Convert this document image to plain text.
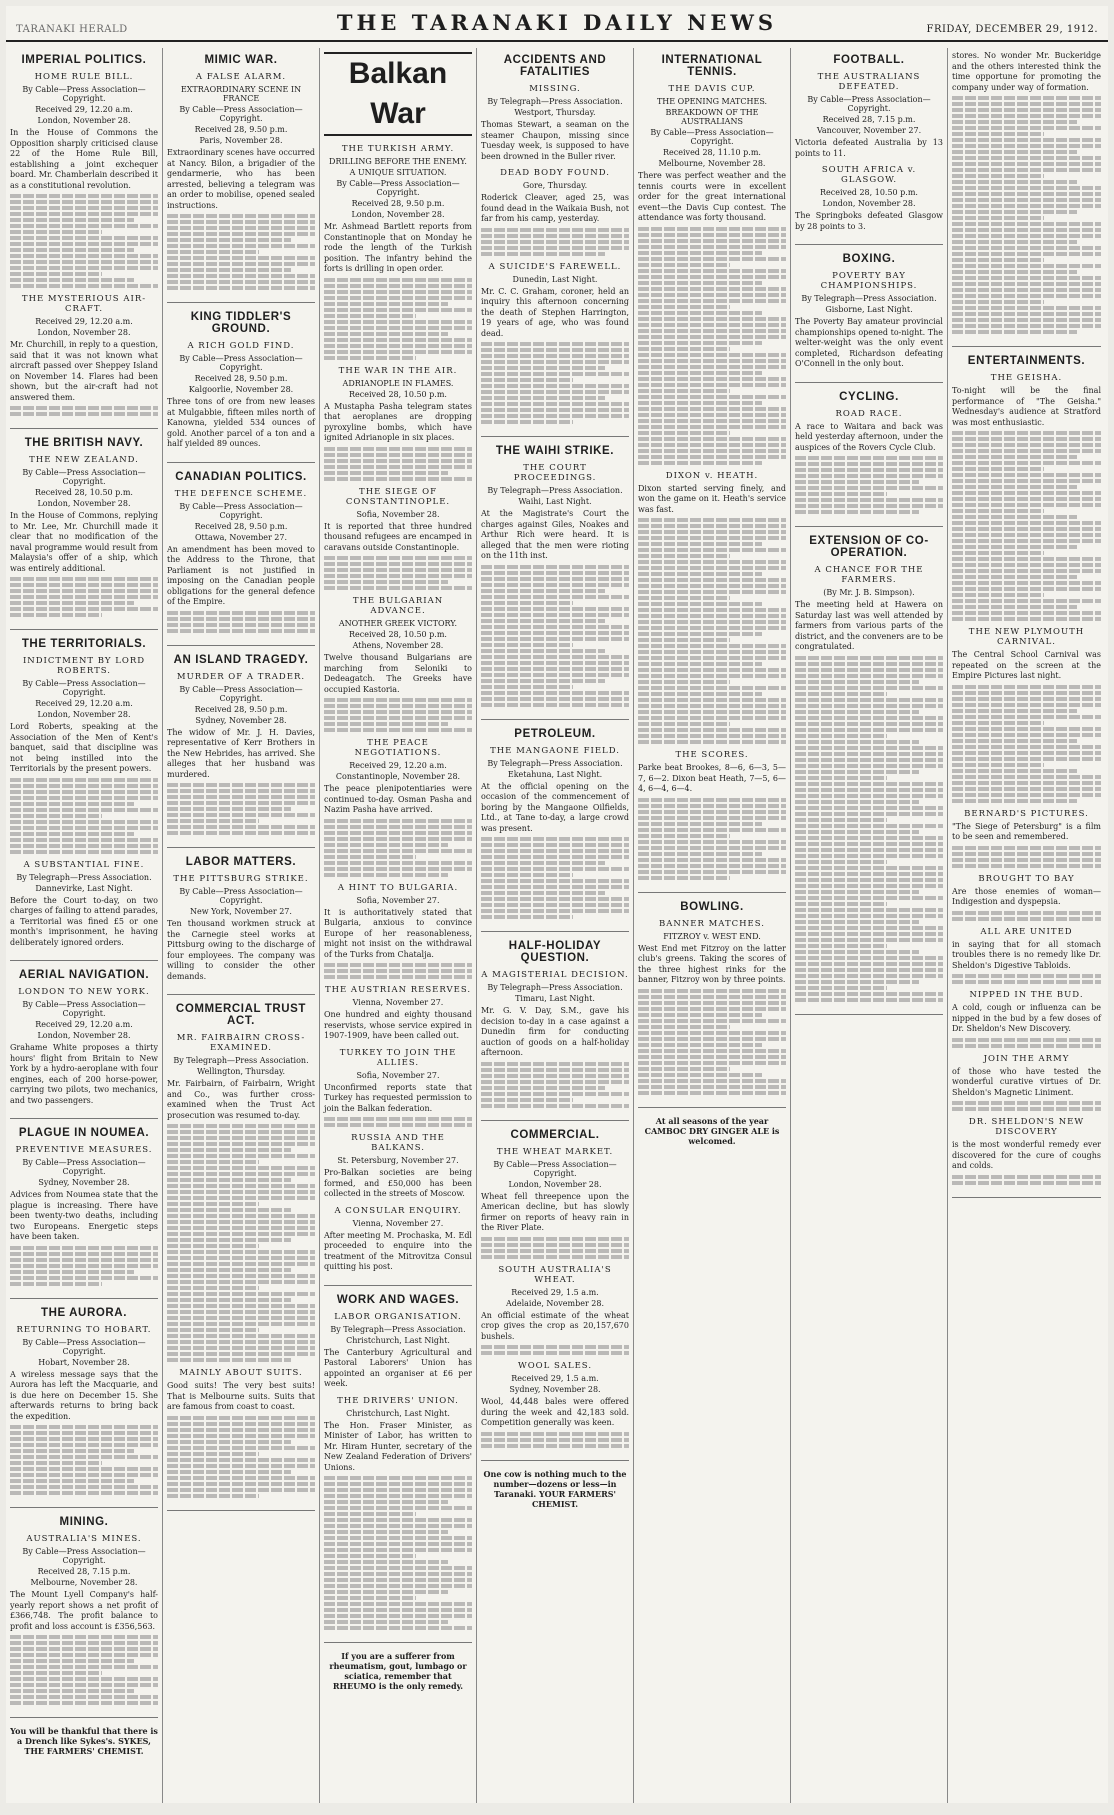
TARANAKI HERALD	THE TARANAKI DAILY NEWS	FRIDAY, DECEMBER 29, 1912.
IMPERIAL POLITICS.
HOME RULE BILL.
By Cable—Press Association—Copyright.
Received 29, 12.20 a.m.
London, November 28.
In the House of Commons the Opposition sharply criticised clause 22 of the Home Rule Bill, establishing a joint exchequer board. Mr. Chamberlain described it as a constitutional revolution.
THE MYSTERIOUS AIR-CRAFT.
Received 29, 12.20 a.m.
London, November 28.
Mr. Churchill, in reply to a question, said that it was not known what aircraft passed over Sheppey Island on November 14. Flares had been shown, but the air-craft had not answered them.
THE BRITISH NAVY.
THE NEW ZEALAND.
By Cable—Press Association—Copyright.
Received 28, 10.50 p.m.
London, November 28.
In the House of Commons, replying to Mr. Lee, Mr. Churchill made it clear that no modification of the naval programme would result from Malaysia's offer of a ship, which was entirely additional.
THE TERRITORIALS.
INDICTMENT BY LORD ROBERTS.
By Cable—Press Association—Copyright.
Received 29, 12.20 a.m.
London, November 28.
Lord Roberts, speaking at the Association of the Men of Kent's banquet, said that discipline was not being instilled into the Territorials by the present powers.
A SUBSTANTIAL FINE.
By Telegraph—Press Association.
Dannevirke, Last Night.
Before the Court to-day, on two charges of failing to attend parades, a Territorial was fined £5 or one month's imprisonment, he having deliberately ignored orders.
AERIAL NAVIGATION.
LONDON TO NEW YORK.
By Cable—Press Association—Copyright.
Received 29, 12.20 a.m.
London, November 28.
Grahame White proposes a thirty hours' flight from Britain to New York by a hydro-aeroplane with four engines, each of 200 horse-power, carrying two pilots, two mechanics, and two passengers.
PLAGUE IN NOUMEA.
PREVENTIVE MEASURES.
By Cable—Press Association—Copyright.
Sydney, November 28.
Advices from Noumea state that the plague is increasing. There have been twenty-two deaths, including two Europeans. Energetic steps have been taken.
THE AURORA.
RETURNING TO HOBART.
By Cable—Press Association—Copyright.
Hobart, November 28.
A wireless message says that the Aurora has left the Macquarie, and is due here on December 15. She afterwards returns to bring back the expedition.
MINING.
AUSTRALIA'S MINES.
By Cable—Press Association—Copyright.
Received 28, 7.15 p.m.
Melbourne, November 28.
The Mount Lyell Company's half-yearly report shows a net profit of £366,748. The profit balance to profit and loss account is £356,563.
You will be thankful that there is a Drench like Sykes's. SYKES, THE FARMERS' CHEMIST.
MIMIC WAR.
A FALSE ALARM.
EXTRAORDINARY SCENE IN FRANCE
By Cable—Press Association—Copyright.
Received 28, 9.50 p.m.
Paris, November 28.
Extraordinary scenes have occurred at Nancy. Bilon, a brigadier of the gendarmerie, who has been arrested, believing a telegram was an order to mobilise, opened sealed instructions.
KING TIDDLER'S GROUND.
A RICH GOLD FIND.
By Cable—Press Association—Copyright.
Received 28, 9.50 p.m.
Kalgoorlie, November 28.
Three tons of ore from new leases at Mulgabbie, fifteen miles north of Kanowna, yielded 534 ounces of gold. Another parcel of a ton and a half yielded 89 ounces.
CANADIAN POLITICS.
THE DEFENCE SCHEME.
By Cable—Press Association—Copyright.
Received 28, 9.50 p.m.
Ottawa, November 27.
An amendment has been moved to the Address to the Throne, that Parliament is not justified in imposing on the Canadian people obligations for the general defence of the Empire.
AN ISLAND TRAGEDY.
MURDER OF A TRADER.
By Cable—Press Association—Copyright.
Received 28, 9.50 p.m.
Sydney, November 28.
The widow of Mr. J. H. Davies, representative of Kerr Brothers in the New Hebrides, has arrived. She alleges that her husband was murdered.
LABOR MATTERS.
THE PITTSBURG STRIKE.
By Cable—Press Association—Copyright.
New York, November 27.
Ten thousand workmen struck at the Carnegie steel works at Pittsburg owing to the discharge of four employees. The company was willing to consider the other demands.
COMMERCIAL TRUST ACT.
MR. FAIRBAIRN CROSS-EXAMINED.
By Telegraph—Press Association.
Wellington, Thursday.
Mr. Fairbairn, of Fairbairn, Wright and Co., was further cross-examined when the Trust Act prosecution was resumed to-day.
MAINLY ABOUT SUITS.
Good suits! The very best suits! That is Melbourne suits. Suits that are famous from coast to coast.
Balkan War
THE TURKISH ARMY.
DRILLING BEFORE THE ENEMY.
A UNIQUE SITUATION.
By Cable—Press Association—Copyright.
Received 28, 9.50 p.m.
London, November 28.
Mr. Ashmead Bartlett reports from Constantinople that on Monday he rode the length of the Turkish position. The infantry behind the forts is drilling in open order.
THE WAR IN THE AIR.
ADRIANOPLE IN FLAMES.
Received 28, 10.50 p.m.
A Mustapha Pasha telegram states that aeroplanes are dropping pyroxyline bombs, which have ignited Adrianople in six places.
THE SIEGE OF CONSTANTINOPLE.
Sofia, November 28.
It is reported that three hundred thousand refugees are encamped in caravans outside Constantinople.
THE BULGARIAN ADVANCE.
ANOTHER GREEK VICTORY.
Received 28, 10.50 p.m.
Athens, November 28.
Twelve thousand Bulgarians are marching from Seloniki to Dedeagatch. The Greeks have occupied Kastoria.
THE PEACE NEGOTIATIONS.
Received 29, 12.20 a.m.
Constantinople, November 28.
The peace plenipotentiaries were continued to-day. Osman Pasha and Nazim Pasha have arrived.
A HINT TO BULGARIA.
Sofia, November 27.
It is authoritatively stated that Bulgaria, anxious to convince Europe of her reasonableness, might not insist on the withdrawal of the Turks from Chatalja.
THE AUSTRIAN RESERVES.
Vienna, November 27.
One hundred and eighty thousand reservists, whose service expired in 1907-1909, have been called out.
TURKEY TO JOIN THE ALLIES.
Sofia, November 27.
Unconfirmed reports state that Turkey has requested permission to join the Balkan federation.
RUSSIA AND THE BALKANS.
St. Petersburg, November 27.
Pro-Balkan societies are being formed, and £50,000 has been collected in the streets of Moscow.
A CONSULAR ENQUIRY.
Vienna, November 27.
After meeting M. Prochaska, M. Edl proceeded to enquire into the treatment of the Mitrovitza Consul quitting his post.
WORK AND WAGES.
LABOR ORGANISATION.
By Telegraph—Press Association.
Christchurch, Last Night.
The Canterbury Agricultural and Pastoral Laborers' Union has appointed an organiser at £6 per week.
THE DRIVERS' UNION.
Christchurch, Last Night.
The Hon. Fraser Minister, as Minister of Labor, has written to Mr. Hiram Hunter, secretary of the New Zealand Federation of Drivers' Unions.
If you are a sufferer from rheumatism, gout, lumbago or sciatica, remember that RHEUMO is the only remedy.
ACCIDENTS AND FATALITIES
MISSING.
By Telegraph—Press Association.
Westport, Thursday.
Thomas Stewart, a seaman on the steamer Chaupon, missing since Tuesday week, is supposed to have been drowned in the Buller river.
DEAD BODY FOUND.
Gore, Thursday.
Roderick Cleaver, aged 25, was found dead in the Waikaia Bush, not far from his camp, yesterday.
A SUICIDE'S FAREWELL.
Dunedin, Last Night.
Mr. C. C. Graham, coroner, held an inquiry this afternoon concerning the death of Stephen Harrington, 19 years of age, who was found dead.
THE WAIHI STRIKE.
THE COURT PROCEEDINGS.
By Telegraph—Press Association.
Waihi, Last Night.
At the Magistrate's Court the charges against Giles, Noakes and Arthur Rich were heard. It is alleged that the men were rioting on the 11th inst.
PETROLEUM.
THE MANGAONE FIELD.
By Telegraph—Press Association.
Eketahuna, Last Night.
At the official opening on the occasion of the commencement of boring by the Mangaone Oilfields, Ltd., at Tane to-day, a large crowd was present.
HALF-HOLIDAY QUESTION.
A MAGISTERIAL DECISION.
By Telegraph—Press Association.
Timaru, Last Night.
Mr. G. V. Day, S.M., gave his decision to-day in a case against a Dunedin firm for conducting auction of goods on a half-holiday afternoon.
COMMERCIAL.
THE WHEAT MARKET.
By Cable—Press Association—Copyright.
London, November 28.
Wheat fell threepence upon the American decline, but has slowly firmer on reports of heavy rain in the River Plate.
SOUTH AUSTRALIA'S WHEAT.
Received 29, 1.5 a.m.
Adelaide, November 28.
An official estimate of the wheat crop gives the crop as 20,157,670 bushels.
WOOL SALES.
Received 29, 1.5 a.m.
Sydney, November 28.
Wool, 44,448 bales were offered during the week and 42,183 sold. Competition generally was keen.
One cow is nothing much to the number—dozens or less—in Taranaki. YOUR FARMERS' CHEMIST.
INTERNATIONAL TENNIS.
THE DAVIS CUP.
THE OPENING MATCHES.
BREAKDOWN OF THE AUSTRALIANS
By Cable—Press Association—Copyright.
Received 28, 11.10 p.m.
Melbourne, November 28.
There was perfect weather and the tennis courts were in excellent order for the great international event—the Davis Cup contest. The attendance was forty thousand.
DIXON v. HEATH.
Dixon started serving finely, and won the game on it. Heath's service was fast.
THE SCORES.
Parke beat Brookes, 8—6, 6—3, 5—7, 6—2. Dixon beat Heath, 7—5, 6—4, 6—4, 6—4.
BOWLING.
BANNER MATCHES.
FITZROY v. WEST END.
West End met Fitzroy on the latter club's greens. Taking the scores of the three highest rinks for the banner, Fitzroy won by three points.
At all seasons of the year CAMBOC DRY GINGER ALE is welcomed.
FOOTBALL.
THE AUSTRALIANS DEFEATED.
By Cable—Press Association—Copyright.
Received 28, 7.15 p.m.
Vancouver, November 27.
Victoria defeated Australia by 13 points to 11.
SOUTH AFRICA v. GLASGOW.
Received 28, 10.50 p.m.
London, November 28.
The Springboks defeated Glasgow by 28 points to 3.
BOXING.
POVERTY BAY CHAMPIONSHIPS.
By Telegraph—Press Association.
Gisborne, Last Night.
The Poverty Bay amateur provincial championships opened to-night. The welter-weight was the only event completed, Richardson defeating O'Connell in the only bout.
CYCLING.
ROAD RACE.
A race to Waitara and back was held yesterday afternoon, under the auspices of the Rovers Cycle Club.
EXTENSION OF CO-OPERATION.
A CHANCE FOR THE FARMERS.
(By Mr. J. B. Simpson).
The meeting held at Hawera on Saturday last was well attended by farmers from various parts of the district, and the conveners are to be congratulated.
stores. No wonder Mr. Buckeridge and the others interested think the time opportune for promoting the company under way of formation.
ENTERTAINMENTS.
THE GEISHA.
To-night will be the final performance of "The Geisha." Wednesday's audience at Stratford was most enthusiastic.
THE NEW PLYMOUTH CARNIVAL.
The Central School Carnival was repeated on the screen at the Empire Pictures last night.
BERNARD'S PICTURES.
"The Siege of Petersburg" is a film to be seen and remembered.
BROUGHT TO BAY
Are those enemies of woman—Indigestion and dyspepsia.
ALL ARE UNITED
in saying that for all stomach troubles there is no remedy like Dr. Sheldon's Digestive Tabloids.
NIPPED IN THE BUD.
A cold, cough or influenza can be nipped in the bud by a few doses of Dr. Sheldon's New Discovery.
JOIN THE ARMY
of those who have tested the wonderful curative virtues of Dr. Sheldon's Magnetic Liniment.
DR. SHELDON'S NEW DISCOVERY
is the most wonderful remedy ever discovered for the cure of coughs and colds.
